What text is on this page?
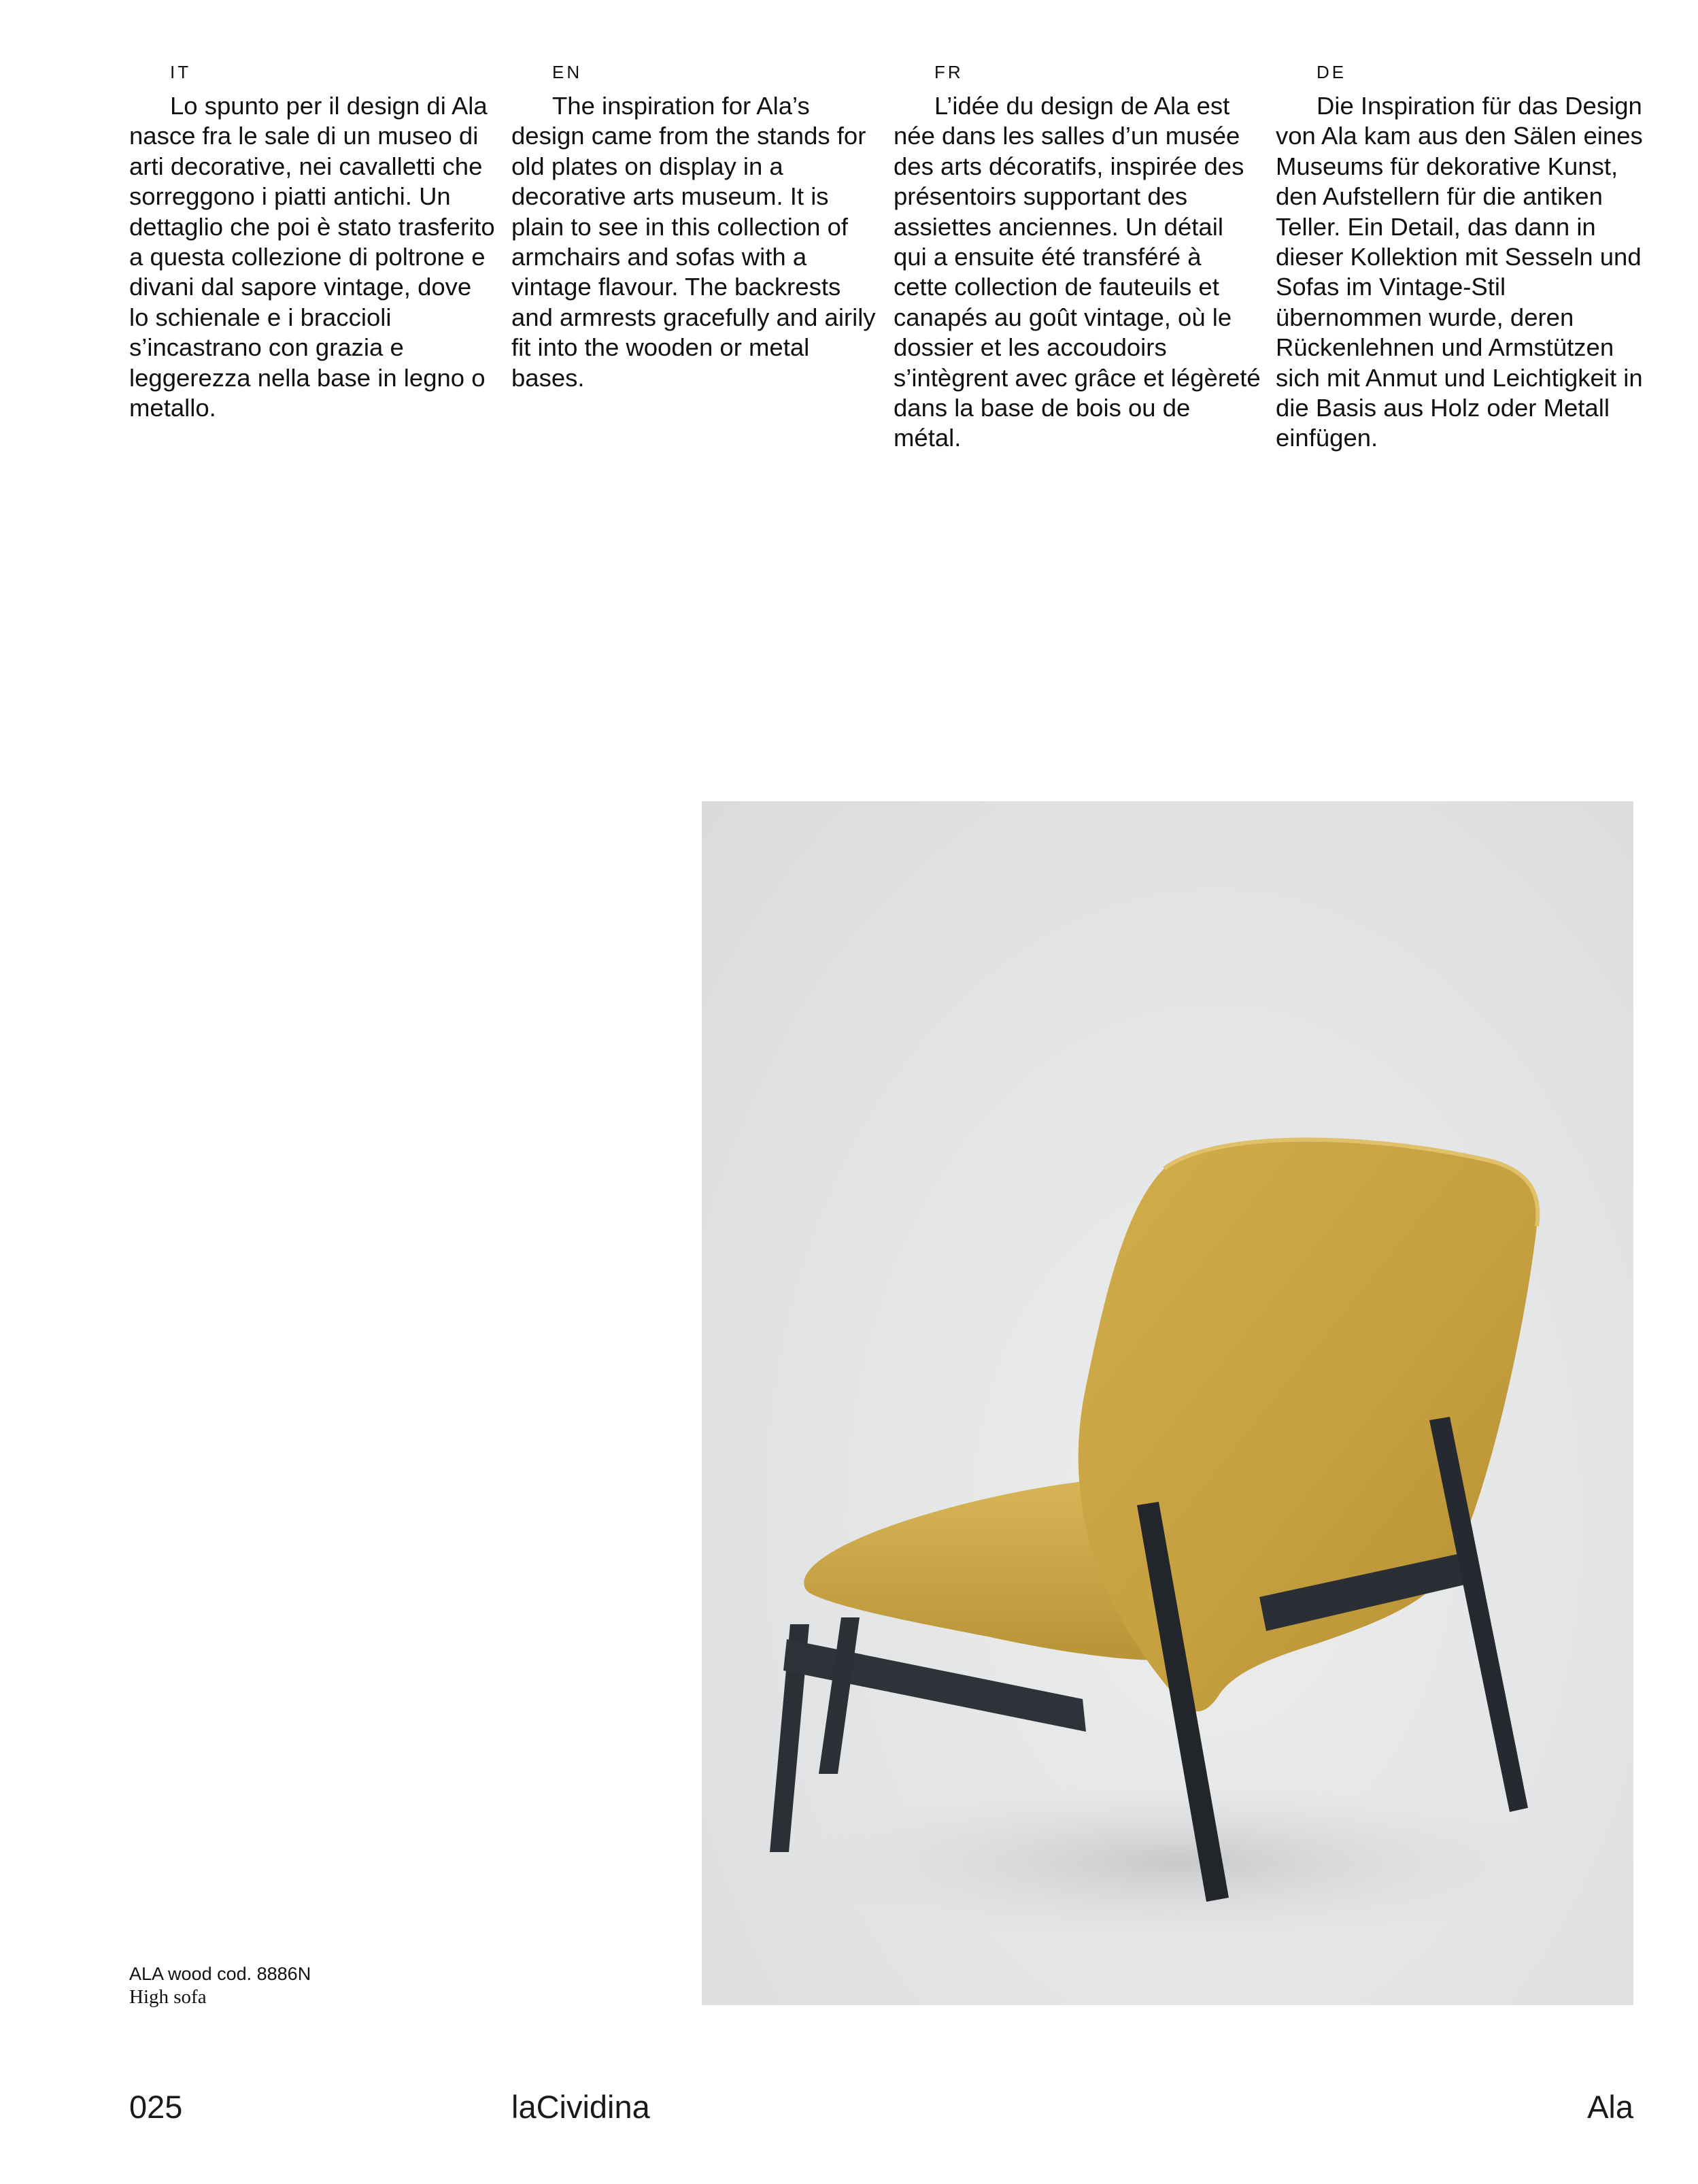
IT

Lo spunto per il design di Ala nasce fra le sale di un museo di arti decorative, nei cavalletti che sorreggono i piatti antichi. Un dettaglio che poi è stato trasferito a questa collezione di poltrone e divani dal sapore vintage, dove lo schienale e i braccioli s’incastrano con grazia e leggerezza nella base in legno o metallo.

EN

The inspiration for Ala’s design came from the stands for old plates on display in a decorative arts museum. It is plain to see in this collection of armchairs and sofas with a vintage flavour. The backrests and armrests gracefully and airily fit into the wooden or metal bases.

FR

L’idée du design de Ala est née dans les salles d’un musée des arts décoratifs, inspirée des présentoirs supportant des assiettes anciennes. Un détail qui a ensuite été transféré à cette collection de fauteuils et canapés au goût vintage, où le dossier et les accoudoirs s’intègrent avec grâce et légèreté dans la base de bois ou de métal.

DE

Die Inspiration für das Design von Ala kam aus den Sälen eines Museums für dekorative Kunst, den Aufstellern für die antiken Teller. Ein Detail, das dann in dieser Kollektion mit Sesseln und Sofas im Vintage-Stil übernommen wurde, deren Rückenlehnen und Armstützen sich mit Anmut und Leichtigkeit in die Basis aus Holz oder Metall einfügen.

ALA wood cod. 8886N
High sofa
025	laCividina	Ala
